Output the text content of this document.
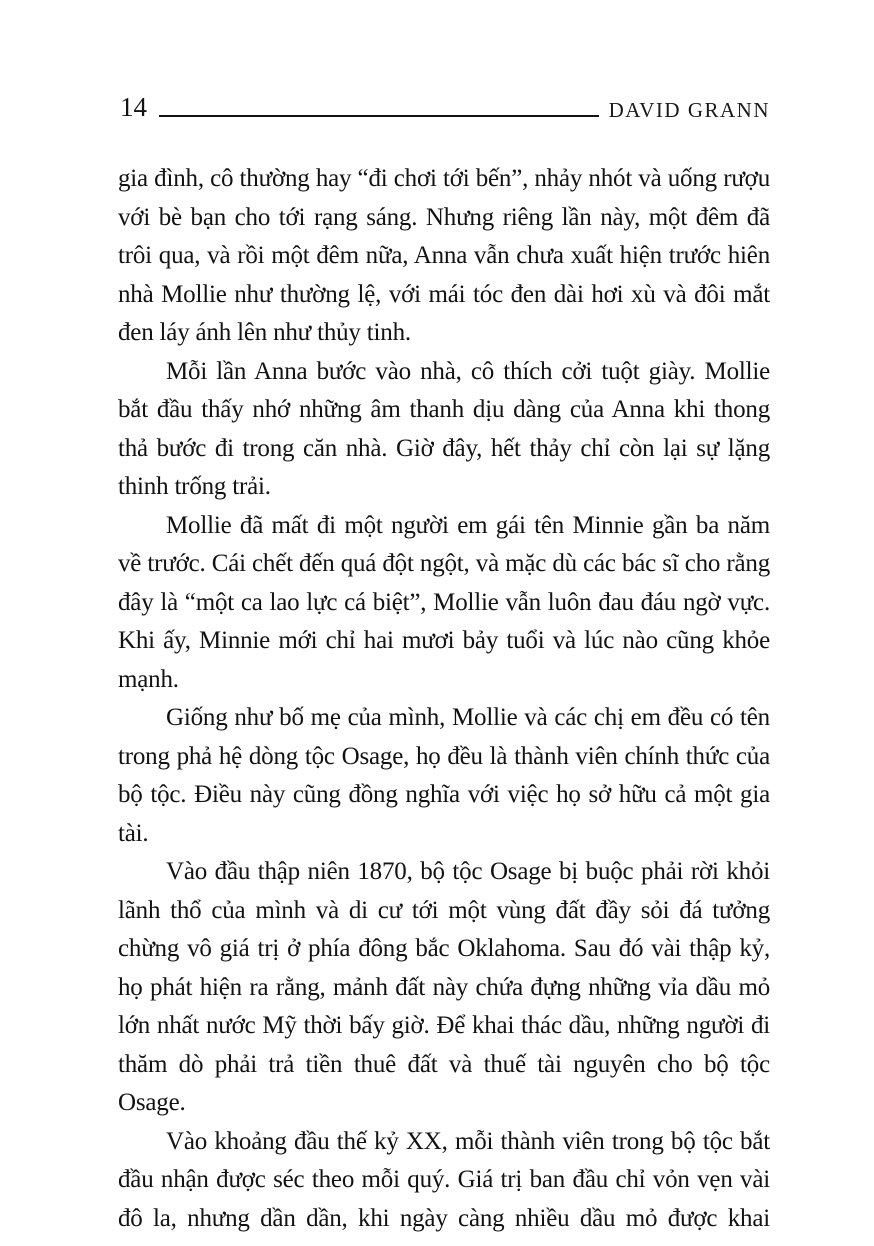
14	DAVID GRANN

gia đình, cô thường hay “đi chơi tới bến”, nhảy nhót và uống rượu với bè bạn cho tới rạng sáng. Nhưng riêng lần này, một đêm đã trôi qua, và rồi một đêm nữa, Anna vẫn chưa xuất hiện trước hiên nhà Mollie như thường lệ, với mái tóc đen dài hơi xù và đôi mắt đen láy ánh lên như thủy tinh.

Mỗi lần Anna bước vào nhà, cô thích cởi tuột giày. Mollie bắt đầu thấy nhớ những âm thanh dịu dàng của Anna khi thong thả bước đi trong căn nhà. Giờ đây, hết thảy chỉ còn lại sự lặng thinh trống trải.

Mollie đã mất đi một người em gái tên Minnie gần ba năm về trước. Cái chết đến quá đột ngột, và mặc dù các bác sĩ cho rằng đây là “một ca lao lực cá biệt”, Mollie vẫn luôn đau đáu ngờ vực. Khi ấy, Minnie mới chỉ hai mươi bảy tuổi và lúc nào cũng khỏe mạnh.

Giống như bố mẹ của mình, Mollie và các chị em đều có tên trong phả hệ dòng tộc Osage, họ đều là thành viên chính thức của bộ tộc. Điều này cũng đồng nghĩa với việc họ sở hữu cả một gia tài.

Vào đầu thập niên 1870, bộ tộc Osage bị buộc phải rời khỏi lãnh thổ của mình và di cư tới một vùng đất đầy sỏi đá tưởng chừng vô giá trị ở phía đông bắc Oklahoma. Sau đó vài thập kỷ, họ phát hiện ra rằng, mảnh đất này chứa đựng những vỉa dầu mỏ lớn nhất nước Mỹ thời bấy giờ. Để khai thác dầu, những người đi thăm dò phải trả tiền thuê đất và thuế tài nguyên cho bộ tộc Osage.

Vào khoảng đầu thế kỷ XX, mỗi thành viên trong bộ tộc bắt đầu nhận được séc theo mỗi quý. Giá trị ban đầu chỉ vỏn vẹn vài đô la, nhưng dần dần, khi ngày càng nhiều dầu mỏ được khai
